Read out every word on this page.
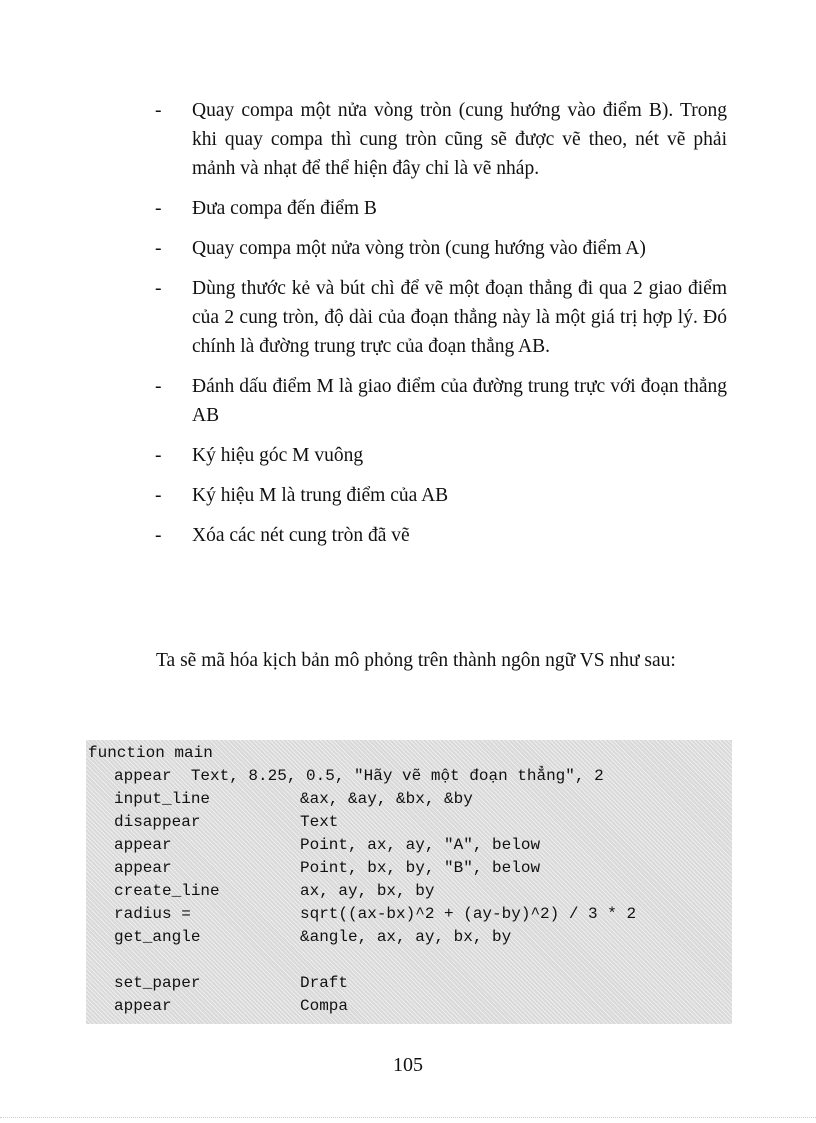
- Quay compa một nửa vòng tròn (cung hướng vào điểm B). Trong khi quay compa thì cung tròn cũng sẽ được vẽ theo, nét vẽ phải mảnh và nhạt để thể hiện đây chỉ là vẽ nháp.
- Đưa compa đến điểm B
- Quay compa một nửa vòng tròn (cung hướng vào điểm A)
- Dùng thước kẻ và bút chì để vẽ một đoạn thẳng đi qua 2 giao điểm của 2 cung tròn, độ dài của đoạn thẳng này là một giá trị hợp lý. Đó chính là đường trung trực của đoạn thẳng AB.
- Đánh dấu điểm M là giao điểm của đường trung trực với đoạn thẳng AB
- Ký hiệu góc M vuông
- Ký hiệu M là trung điểm của AB
- Xóa các nét cung tròn đã vẽ

Ta sẽ mã hóa kịch bản mô phỏng trên thành ngôn ngữ VS như sau:

function main
appear  Text, 8.25, 0.5, "Hãy vẽ một đoạn thẳng", 2
input_line	&ax, &ay, &bx, &by
disappear	Text
appear	Point, ax, ay, "A", below
appear	Point, bx, by, "B", below
create_line	ax, ay, bx, by
radius =	sqrt((ax-bx)^2 + (ay-by)^2) / 3 * 2
get_angle	&angle, ax, ay, bx, by
set_paper	Draft
appear	Compa
105
